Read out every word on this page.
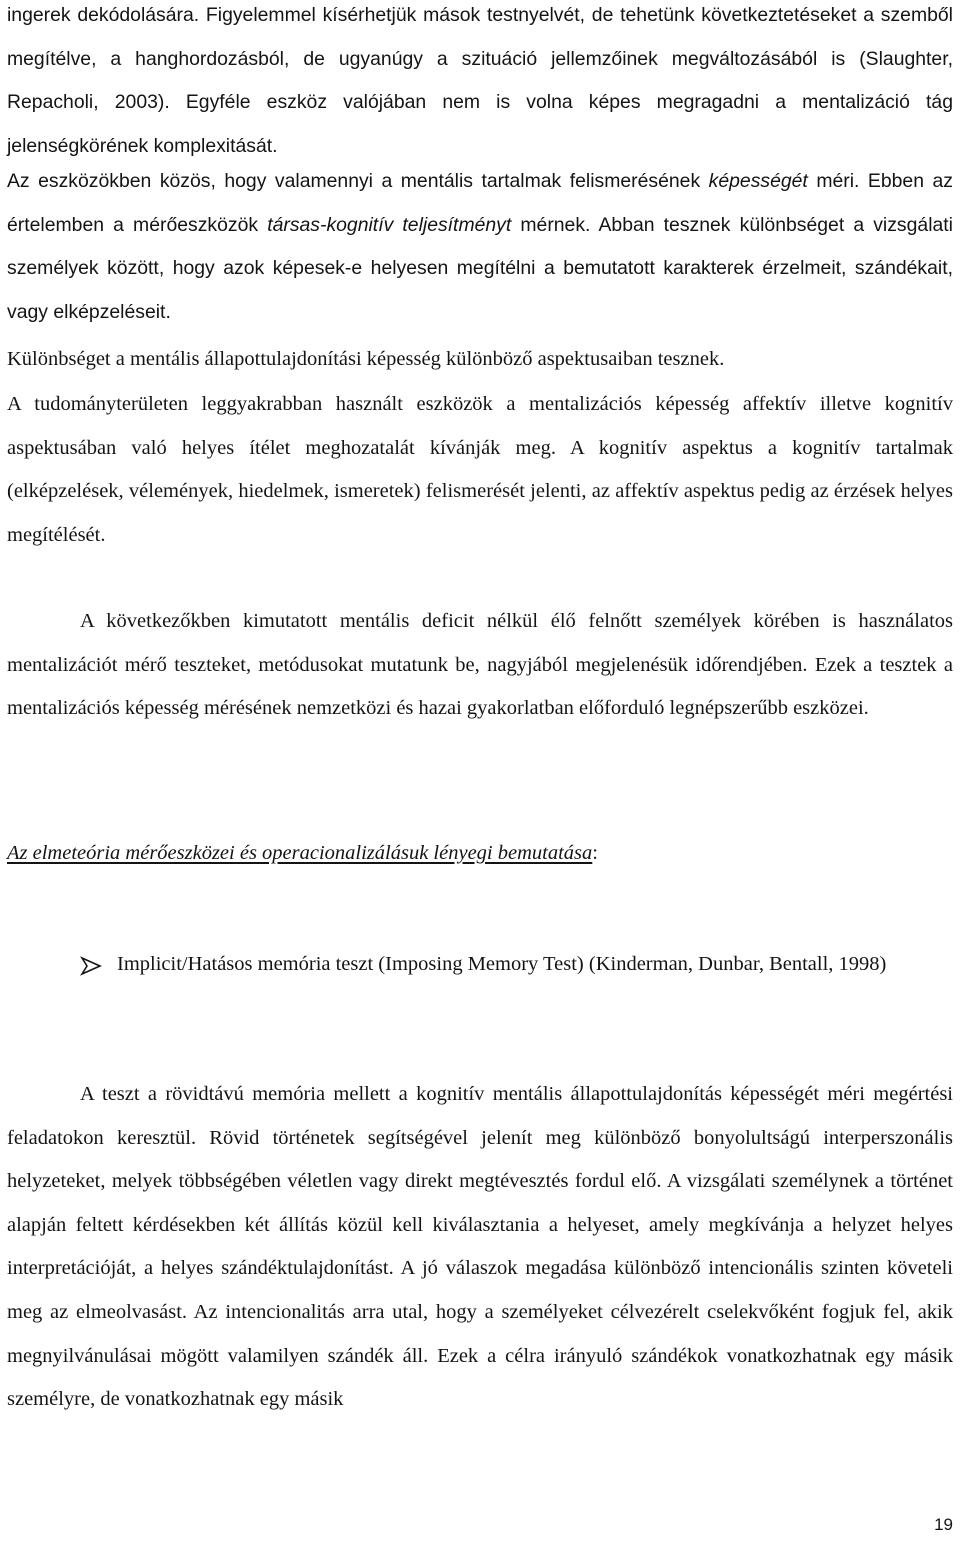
ingerek dekódolására. Figyelemmel kísérhetjük mások testnyelvét, de tehetünk következtetéseket a szemből megítélve, a hanghordozásból, de ugyanúgy a szituáció jellemzőinek megváltozásából is (Slaughter, Repacholi, 2003). Egyféle eszköz valójában nem is volna képes megragadni a mentalizáció tág jelenségkörének komplexitását.

Az eszközökben közös, hogy valamennyi a mentális tartalmak felismerésének képességét méri. Ebben az értelemben a mérőeszközök társas-kognitív teljesítményt mérnek. Abban tesznek különbséget a vizsgálati személyek között, hogy azok képesek-e helyesen megítélni a bemutatott karakterek érzelmeit, szándékait, vagy elképzeléseit.

Különbséget a mentális állapottulajdonítási képesség különböző aspektusaiban tesznek.

A tudományterületen leggyakrabban használt eszközök a mentalizációs képesség affektív illetve kognitív aspektusában való helyes ítélet meghozatalát kívánják meg. A kognitív aspektus a kognitív tartalmak (elképzelések, vélemények, hiedelmek, ismeretek) felismerését jelenti, az affektív aspektus pedig az érzések helyes megítélését.

A következőkben kimutatott mentális deficit nélkül élő felnőtt személyek körében is használatos mentalizációt mérő teszteket, metódusokat mutatunk be, nagyjából megjelenésük időrendjében. Ezek a tesztek a mentalizációs képesség mérésének nemzetközi és hazai gyakorlatban előforduló legnépszerűbb eszközei.

Az elmeteória mérőeszközei és operacionalizálásuk lényegi bemutatása:
Implicit/Hatásos memória teszt (Imposing Memory Test) (Kinderman, Dunbar, Bentall, 1998)

A teszt a rövidtávú memória mellett a kognitív mentális állapottulajdonítás képességét méri megértési feladatokon keresztül. Rövid történetek segítségével jelenít meg különböző bonyolultságú interperszonális helyzeteket, melyek többségében véletlen vagy direkt megtévesztés fordul elő. A vizsgálati személynek a történet alapján feltett kérdésekben két állítás közül kell kiválasztania a helyeset, amely megkívánja a helyzet helyes interpretációját, a helyes szándéktulajdonítást. A jó válaszok megadása különböző intencionális szinten követeli meg az elmeolvasást. Az intencionalitás arra utal, hogy a személyeket célvezérelt cselekvőként fogjuk fel, akik megnyilvánulásai mögött valamilyen szándék áll. Ezek a célra irányuló szándékok vonatkozhatnak egy másik személyre, de vonatkozhatnak egy másik

19
